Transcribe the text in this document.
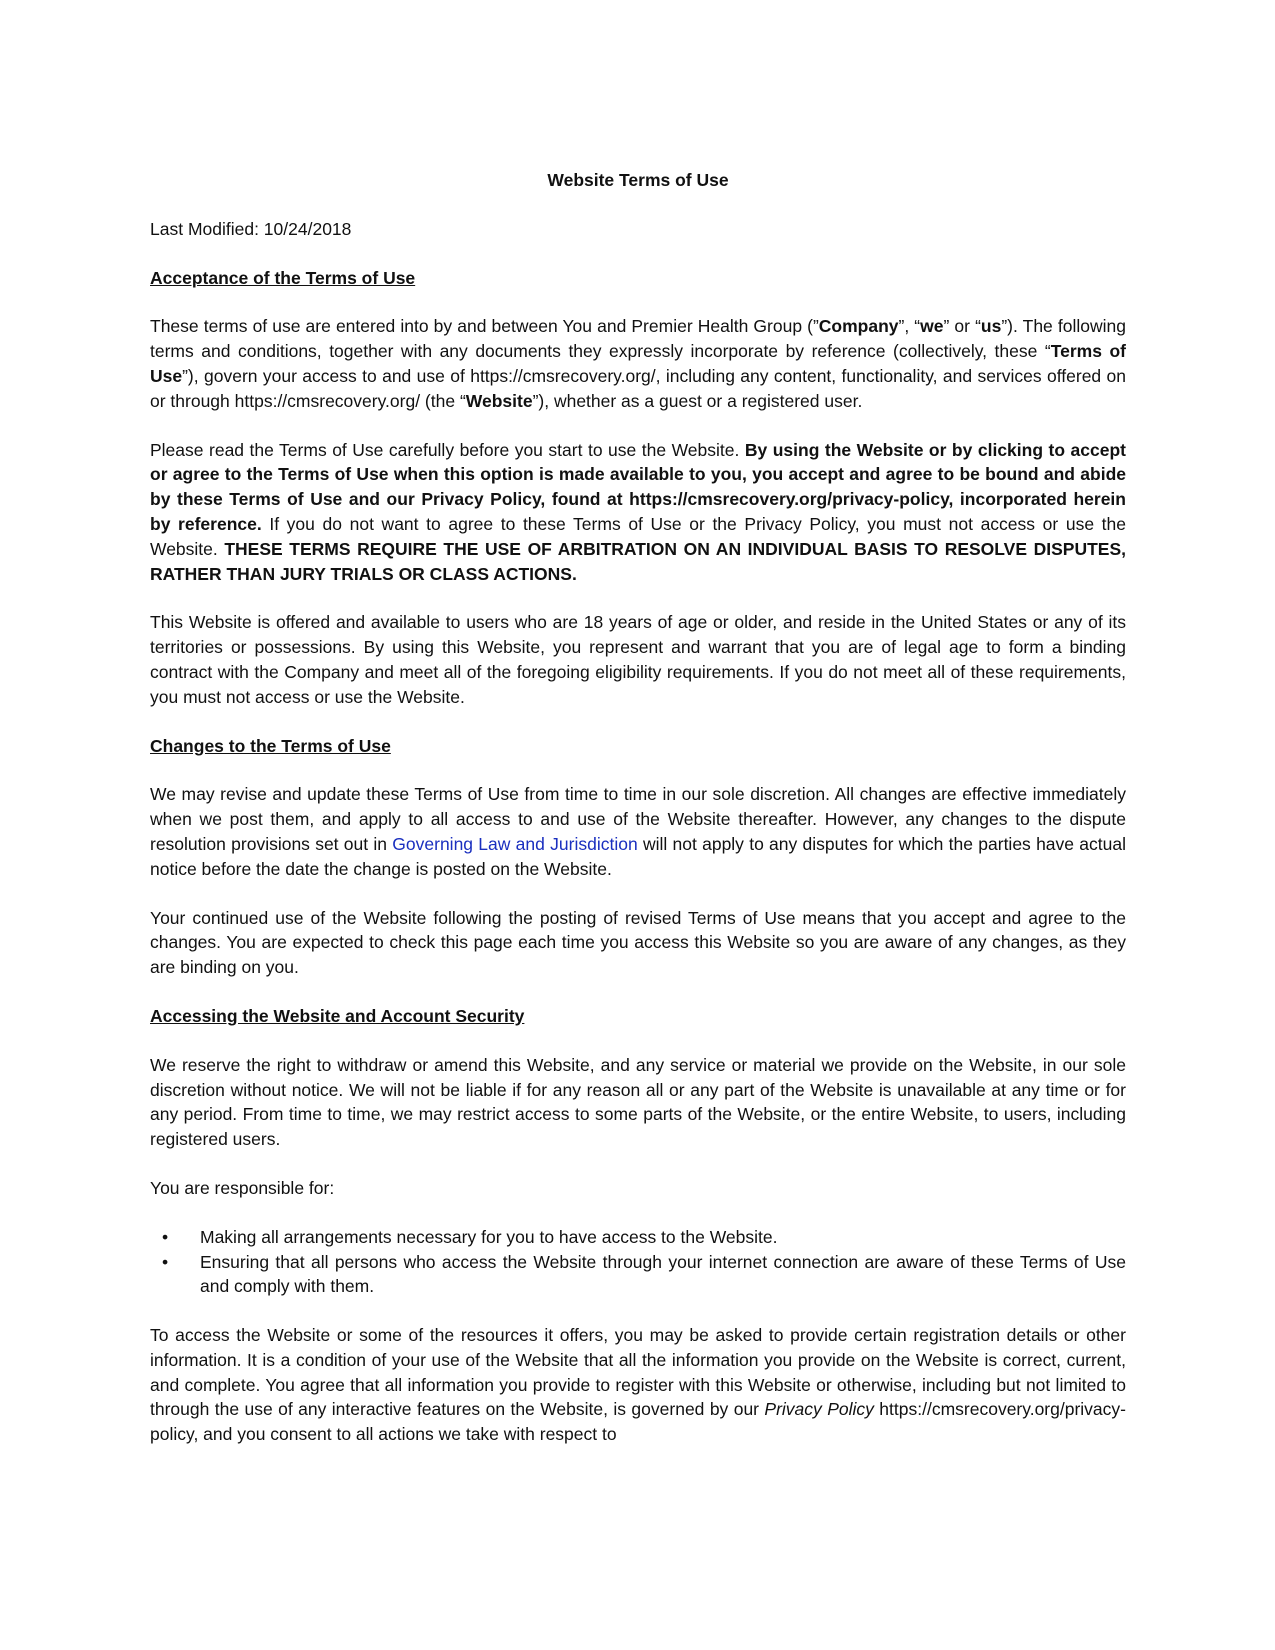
Website Terms of Use
Last Modified: 10/24/2018
Acceptance of the Terms of Use

These terms of use are entered into by and between You and Premier Health Group (”Company”, “we” or “us”). The following terms and conditions, together with any documents they expressly incorporate by reference (collectively, these “Terms of Use”), govern your access to and use of https://cmsrecovery.org/, including any content, functionality, and services offered on or through https://cmsrecovery.org/ (the “Website”), whether as a guest or a registered user.

Please read the Terms of Use carefully before you start to use the Website. By using the Website or by clicking to accept or agree to the Terms of Use when this option is made available to you, you accept and agree to be bound and abide by these Terms of Use and our Privacy Policy, found at https://cmsrecovery.org/privacy-policy, incorporated herein by reference. If you do not want to agree to these Terms of Use or the Privacy Policy, you must not access or use the Website. THESE TERMS REQUIRE THE USE OF ARBITRATION ON AN INDIVIDUAL BASIS TO RESOLVE DISPUTES, RATHER THAN JURY TRIALS OR CLASS ACTIONS.

This Website is offered and available to users who are 18 years of age or older, and reside in the United States or any of its territories or possessions. By using this Website, you represent and warrant that you are of legal age to form a binding contract with the Company and meet all of the foregoing eligibility requirements. If you do not meet all of these requirements, you must not access or use the Website.

Changes to the Terms of Use

We may revise and update these Terms of Use from time to time in our sole discretion. All changes are effective immediately when we post them, and apply to all access to and use of the Website thereafter. However, any changes to the dispute resolution provisions set out in Governing Law and Jurisdiction will not apply to any disputes for which the parties have actual notice before the date the change is posted on the Website.

Your continued use of the Website following the posting of revised Terms of Use means that you accept and agree to the changes. You are expected to check this page each time you access this Website so you are aware of any changes, as they are binding on you.

Accessing the Website and Account Security

We reserve the right to withdraw or amend this Website, and any service or material we provide on the Website, in our sole discretion without notice. We will not be liable if for any reason all or any part of the Website is unavailable at any time or for any period. From time to time, we may restrict access to some parts of the Website, or the entire Website, to users, including registered users.

You are responsible for:

• Making all arrangements necessary for you to have access to the Website.
• Ensuring that all persons who access the Website through your internet connection are aware of these Terms of Use and comply with them.

To access the Website or some of the resources it offers, you may be asked to provide certain registration details or other information. It is a condition of your use of the Website that all the information you provide on the Website is correct, current, and complete. You agree that all information you provide to register with this Website or otherwise, including but not limited to through the use of any interactive features on the Website, is governed by our Privacy Policy https://cmsrecovery.org/privacy-policy, and you consent to all actions we take with respect to
